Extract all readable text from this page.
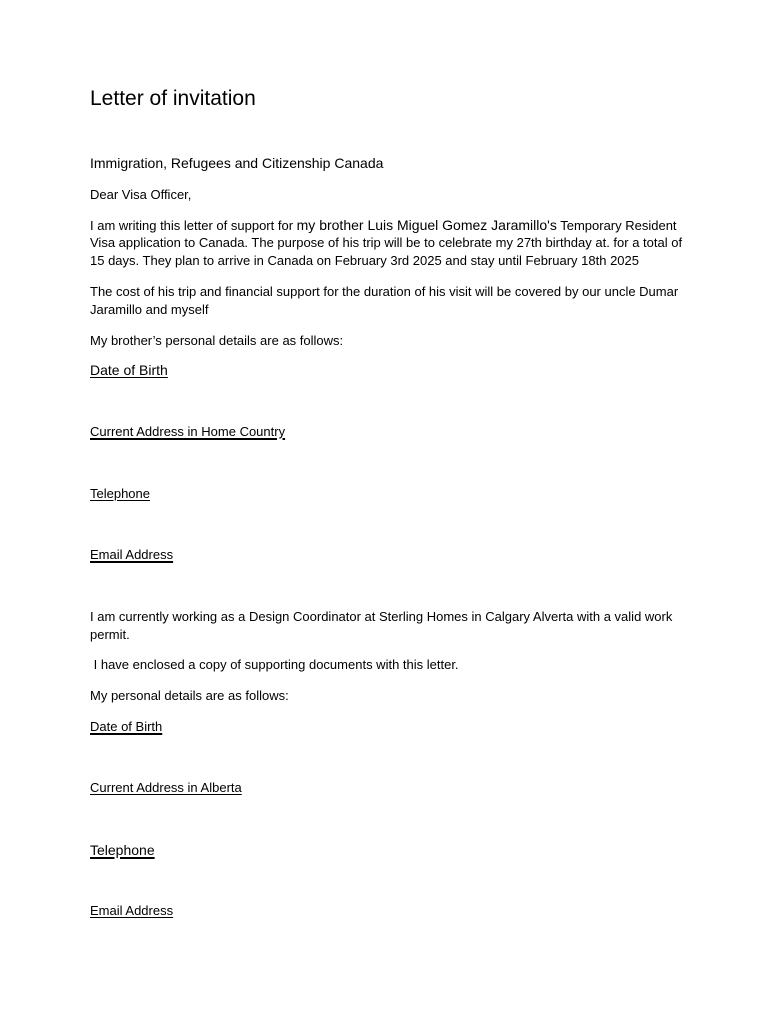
Letter of invitation

Immigration, Refugees and Citizenship Canada

Dear Visa Officer,

I am writing this letter of support for my brother Luis Miguel Gomez Jaramillo's Temporary Resident

Visa application to Canada. The purpose of his trip will be to celebrate my 27th birthday at. for a total of

15 days. They plan to arrive in Canada on February 3rd 2025 and stay until February 18th 2025

The cost of his trip and financial support for the duration of his visit will be covered by our uncle Dumar

Jaramillo and myself

My brother’s personal details are as follows:

Date of Birth

Current Address in Home Country

Telephone

Email Address

I am currently working as a Design Coordinator at Sterling Homes in Calgary Alverta with a valid work

permit.

I have enclosed a copy of supporting documents with this letter.

My personal details are as follows:

Date of Birth

Current Address in Alberta

Telephone

Email Address
